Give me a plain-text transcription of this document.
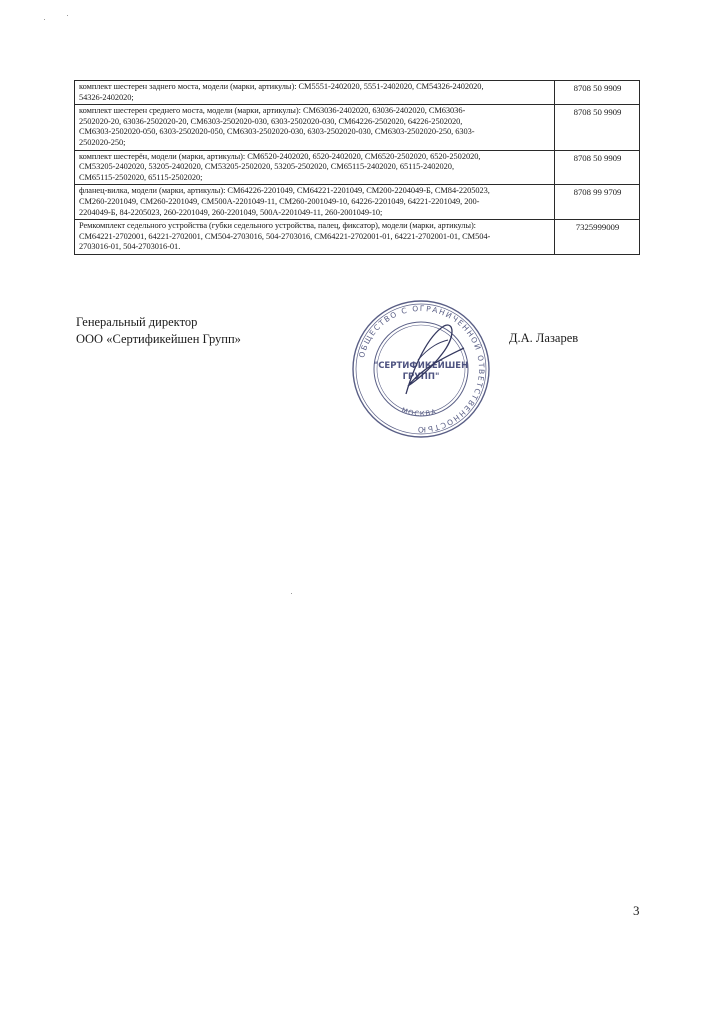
комплект шестерен заднего моста, модели (марки, артикулы): СМ5551-2402020, 5551-2402020, СМ54326-2402020,
54326-2402020;	8708 50 9909

комплект шестерен среднего моста, модели (марки, артикулы): СМ63036-2402020, 63036-2402020, СМ63036-
2502020-20, 63036-2502020-20, СМ6303-2502020-030, 6303-2502020-030, СМ64226-2502020, 64226-2502020,
СМ6303-2502020-050, 6303-2502020-050, СМ6303-2502020-030, 6303-2502020-030, СМ6303-2502020-250, 6303-
2502020-250;	8708 50 9909

комплект шестерён, модели (марки, артикулы): СМ6520-2402020, 6520-2402020, СМ6520-2502020, 6520-2502020,
СМ53205-2402020, 53205-2402020, СМ53205-2502020, 53205-2502020, СМ65115-2402020, 65115-2402020,
СМ65115-2502020, 65115-2502020;	8708 50 9909

фланец-вилка, модели (марки, артикулы): СМ64226-2201049, СМ64221-2201049, СМ200-2204049-Б, СМ84-2205023,
СМ260-2201049, СМ260-2201049, СМ500А-2201049-11, СМ260-2001049-10, 64226-2201049, 64221-2201049, 200-
2204049-Б, 84-2205023, 260-2201049, 260-2201049, 500А-2201049-11, 260-2001049-10;	8708 99 9709

Ремкомплект седельного устройства (губки седельного устройства, палец, фиксатор), модели (марки, артикулы):
СМ64221-2702001, 64221-2702001, СМ504-2703016, 504-2703016, СМ64221-2702001-01, 64221-2702001-01, СМ504-
2703016-01, 504-2703016-01.	7325999009
Генеральный директор
ООО «Сертификейшен Групп»	Д.А. Лазарев
ОБЩЕСТВО С ОГРАНИЧЕННОЙ ОТВЕТСТВЕННОСТЬЮ
МОСКВА
"СЕРТИФИКЕЙШЕН
ГРУПП"
3
